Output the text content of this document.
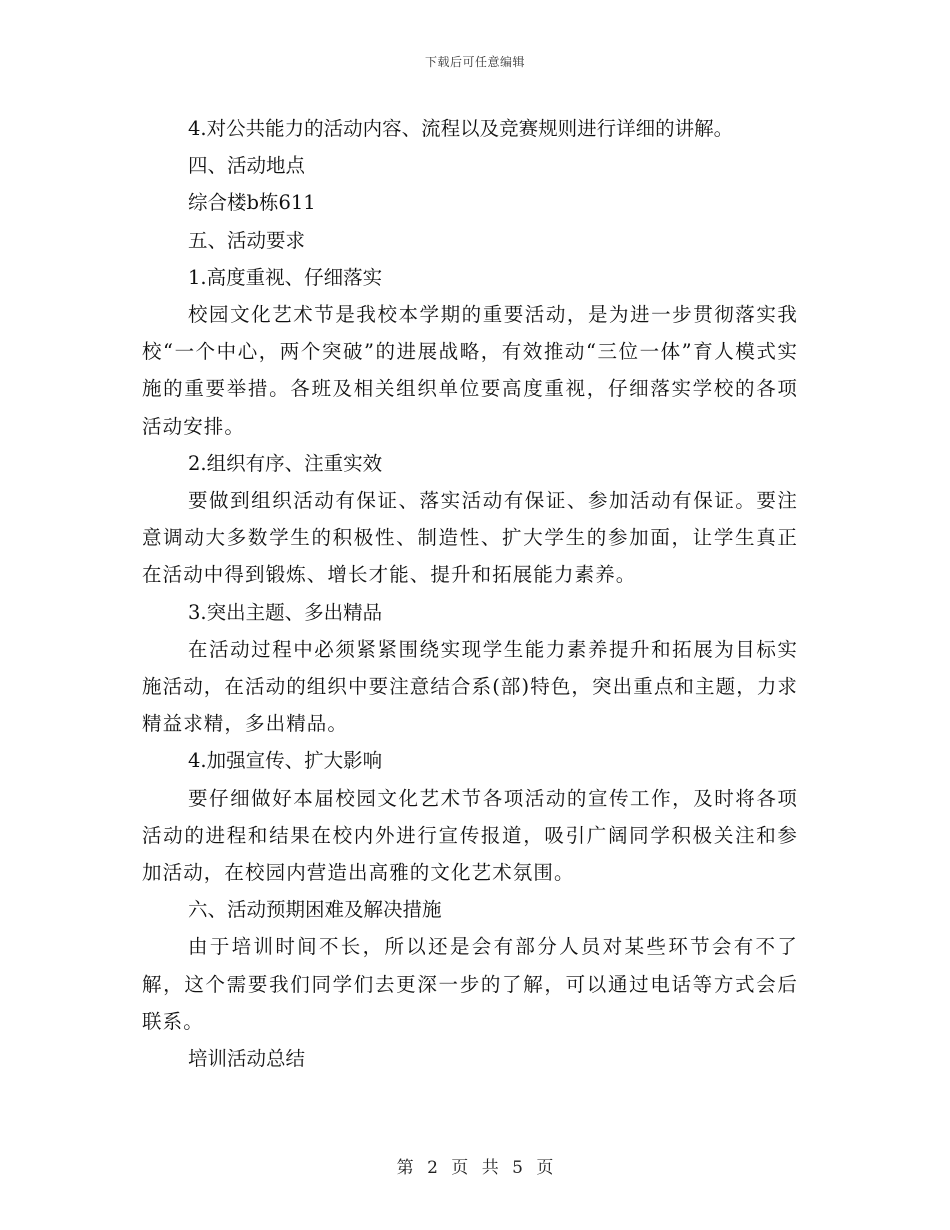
下载后可任意编辑
4.对公共能力的活动内容、流程以及竞赛规则进行详细的讲解。
四、活动地点
综合楼b栋611
五、活动要求
1.高度重视、仔细落实
校园文化艺术节是我校本学期的重要活动，是为进一步贯彻落实我校“一个中心，两个突破”的进展战略，有效推动“三位一体”育人模式实施的重要举措。各班及相关组织单位要高度重视，仔细落实学校的各项活动安排。
2.组织有序、注重实效
要做到组织活动有保证、落实活动有保证、参加活动有保证。要注意调动大多数学生的积极性、制造性、扩大学生的参加面，让学生真正在活动中得到锻炼、增长才能、提升和拓展能力素养。
3.突出主题、多出精品
在活动过程中必须紧紧围绕实现学生能力素养提升和拓展为目标实施活动，在活动的组织中要注意结合系(部)特色，突出重点和主题，力求精益求精，多出精品。
4.加强宣传、扩大影响
要仔细做好本届校园文化艺术节各项活动的宣传工作，及时将各项活动的进程和结果在校内外进行宣传报道，吸引广阔同学积极关注和参加活动，在校园内营造出高雅的文化艺术氛围。
六、活动预期困难及解决措施
由于培训时间不长，所以还是会有部分人员对某些环节会有不了解，这个需要我们同学们去更深一步的了解，可以通过电话等方式会后联系。
培训活动总结
第 2 页 共 5 页
